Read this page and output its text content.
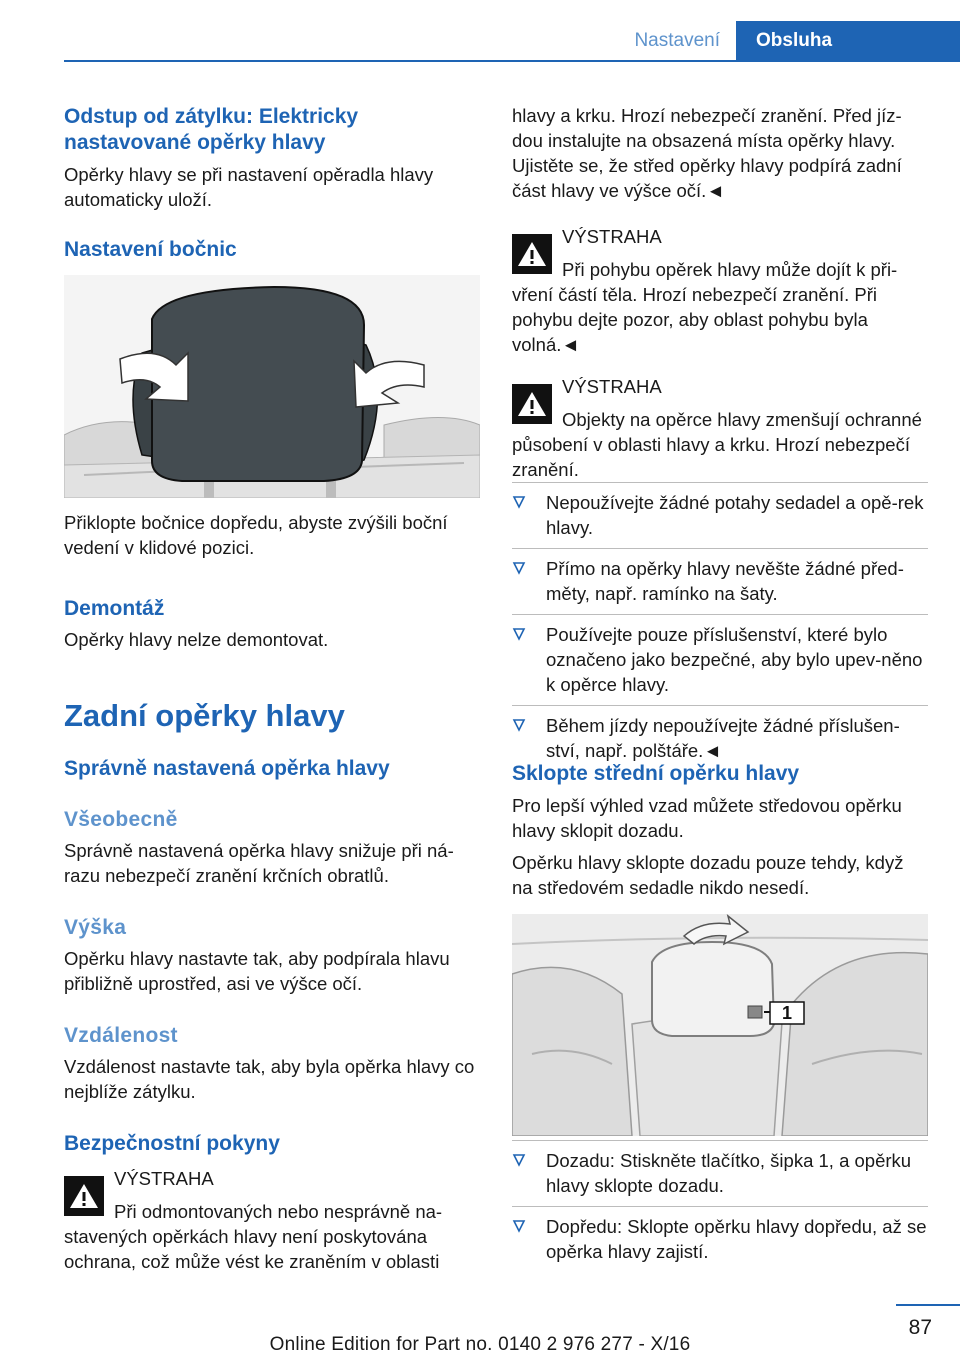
Nastavení Obsluha
Odstup od zátylku: Elektricky nastavované opěrky hlavy
Opěrky hlavy se při nastavení opěradla hlavy automaticky uloží.
Nastavení bočnic
Přiklopte bočnice dopředu, abyste zvýšili boční vedení v klidové pozici.
Demontáž
Opěrky hlavy nelze demontovat.
Zadní opěrky hlavy
Správně nastavená opěrka hlavy
Všeobecně
Správně nastavená opěrka hlavy snižuje při ná‐razu nebezpečí zranění krčních obratlů.
Výška
Opěrku hlavy nastavte tak, aby podpírala hlavu přibližně uprostřed, asi ve výšce očí.
Vzdálenost
Vzdálenost nastavte tak, aby byla opěrka hlavy co nejblíže zátylku.
Bezpečnostní pokyny
VÝSTRAHA
Při odmontovaných nebo nesprávně na‐stavených opěrkách hlavy není poskytována ochrana, což může vést ke zraněním v oblasti
hlavy a krku. Hrozí nebezpečí zranění. Před jíz‐dou instalujte na obsazená místa opěrky hlavy. Ujistěte se, že střed opěrky hlavy podpírá zadní část hlavy ve výšce očí.◄
VÝSTRAHA
Při pohybu opěrek hlavy může dojít k při‐vření částí těla. Hrozí nebezpečí zranění. Při pohybu dejte pozor, aby oblast pohybu byla volná.◄
VÝSTRAHA
Objekty na opěrce hlavy zmenšují ochranné působení v oblasti hlavy a krku. Hrozí nebezpečí zranění.
Nepoužívejte žádné potahy sedadel a opě‐rek hlavy.
Přímo na opěrky hlavy nevěšte žádné před‐měty, např. ramínko na šaty.
Používejte pouze příslušenství, které bylo označeno jako bezpečné, aby bylo upev‐něno k opěrce hlavy.
Během jízdy nepoužívejte žádné příslušen‐ství, např. polštáře.◄
Sklopte střední opěrku hlavy
Pro lepší výhled vzad můžete středovou opěrku hlavy sklopit dozadu.
Opěrku hlavy sklopte dozadu pouze tehdy, když na středovém sedadle nikdo nesedí.
1
Dozadu: Stiskněte tlačítko, šipka 1, a opěrku hlavy sklopte dozadu.
Dopředu: Sklopte opěrku hlavy dopředu, až se opěrka hlavy zajistí.
87
Online Edition for Part no. 0140 2 976 277 - X/16
